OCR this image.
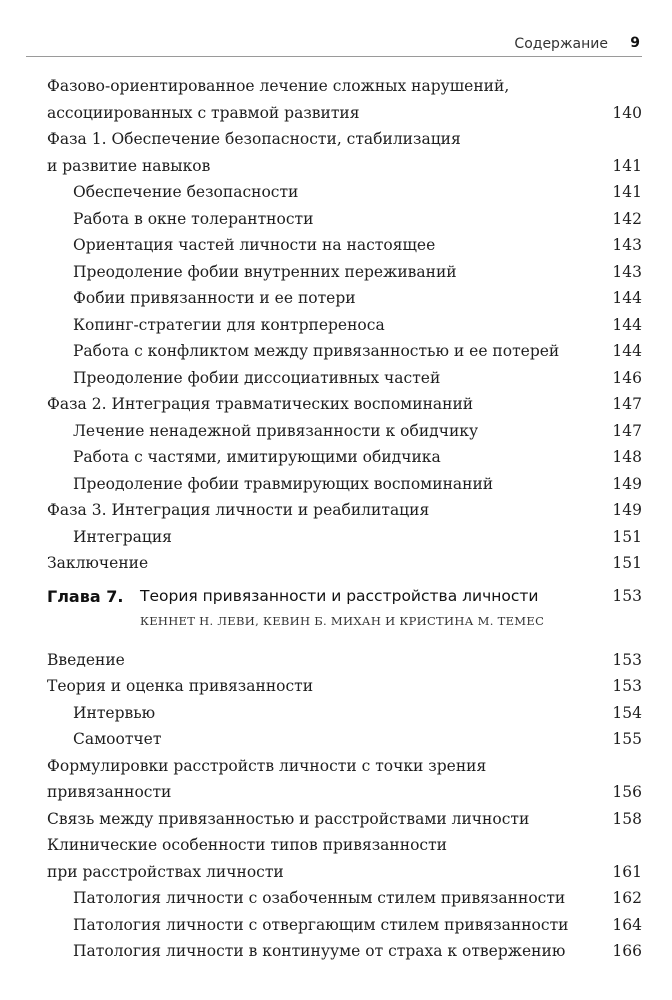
Содержание 9
Фазово-ориентированное лечение сложных нарушений,
ассоциированных с травмой развития	140
Фаза 1. Обеспечение безопасности, стабилизация
и развитие навыков	141
Обеспечение безопасности	141
Работа в окне толерантности	142
Ориентация частей личности на настоящее	143
Преодоление фобии внутренних переживаний	143
Фобии привязанности и ее потери	144
Копинг-стратегии для контрпереноса	144
Работа с конфликтом между привязанностью и ее потерей	144
Преодоление фобии диссоциативных частей	146
Фаза 2. Интеграция травматических воспоминаний	147
Лечение ненадежной привязанности к обидчику	147
Работа с частями, имитирующими обидчика	148
Преодоление фобии травмирующих воспоминаний	149
Фаза 3. Интеграция личности и реабилитация	149
Интеграция	151
Заключение	151
Глава 7. Теория привязанности и расстройства личности	153
КЕННЕТ Н. ЛЕВИ, КЕВИН Б. МИХАН И КРИСТИНА М. ТЕМЕС
Введение	153
Теория и оценка привязанности	153
Интервью	154
Самоотчет	155
Формулировки расстройств личности с точки зрения
привязанности	156
Связь между привязанностью и расстройствами личности	158
Клинические особенности типов привязанности
при расстройствах личности	161
Патология личности с озабоченным стилем привязанности	162
Патология личности с отвергающим стилем привязанности	164
Патология личности в континууме от страха к отвержению	166
